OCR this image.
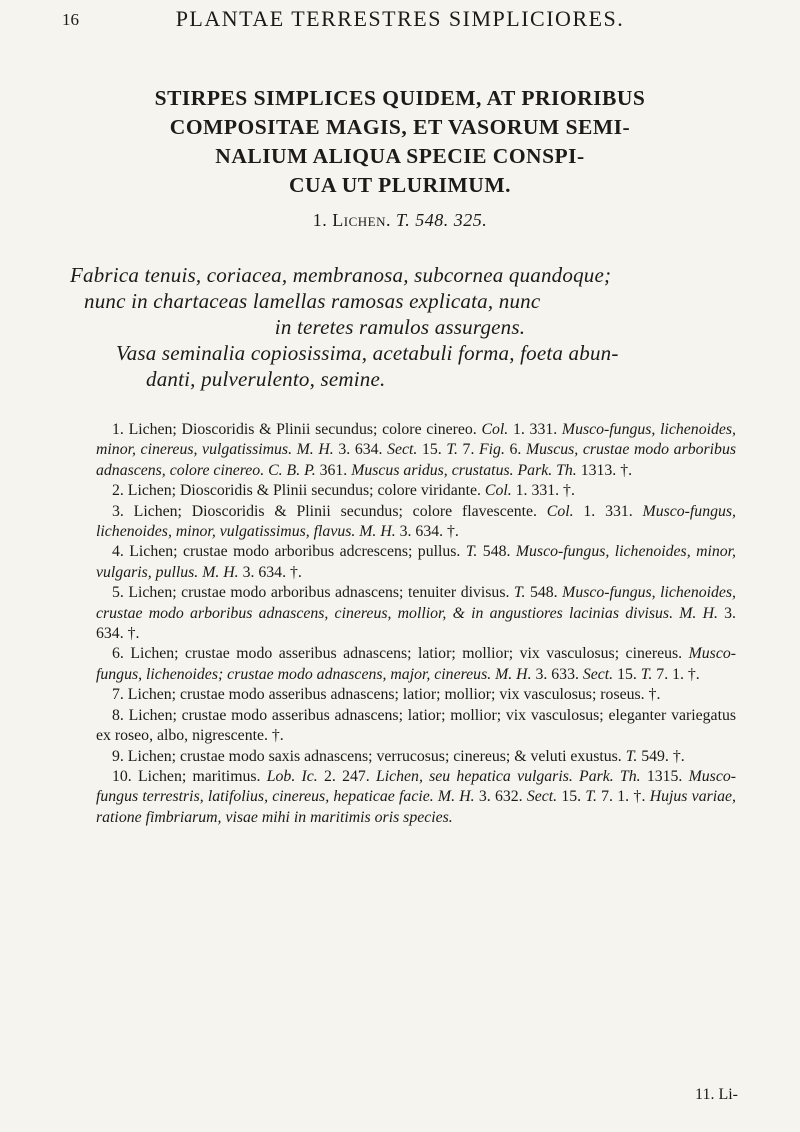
16	PLANTAE TERRESTRES SIMPLICIORES.
STIRPES SIMPLICES QUIDEM, AT PRIORIBUS
COMPOSITAE MAGIS, ET VASORUM SEMI-
NALIUM ALIQUA SPECIE CONSPI-
CUA UT PLURIMUM.
1. Lichen. T. 548. 325.
Fabrica tenuis, coriacea, membranosa, subcornea quandoque;
nunc in chartaceas lamellas ramosas explicata, nunc
in teretes ramulos assurgens.
Vasa seminalia copiosissima, acetabuli forma, foeta abun-
danti, pulverulento, semine.

1. Lichen; Dioscoridis & Plinii secundus; colore cinereo. Col. 1. 331. Musco-fungus, lichenoides, minor, cinereus, vulgatissimus. M. H. 3. 634. Sect. 15. T. 7. Fig. 6. Muscus, crustae modo arboribus adnascens, colore cinereo. C. B. P. 361. Muscus aridus, crustatus. Park. Th. 1313. †.

2. Lichen; Dioscoridis & Plinii secundus; colore viridante. Col. 1. 331. †.

3. Lichen; Dioscoridis & Plinii secundus; colore flavescente. Col. 1. 331. Musco-fungus, lichenoides, minor, vulgatissimus, flavus. M. H. 3. 634. †.

4. Lichen; crustae modo arboribus adcrescens; pullus. T. 548. Musco-fungus, lichenoides, minor, vulgaris, pullus. M. H. 3. 634. †.

5. Lichen; crustae modo arboribus adnascens; tenuiter divisus. T. 548. Musco-fungus, lichenoides, crustae modo arboribus adnascens, cinereus, mollior, & in angustiores lacinias divisus. M. H. 3. 634. †.

6. Lichen; crustae modo asseribus adnascens; latior; mollior; vix vasculosus; cinereus. Musco-fungus, lichenoides; crustae modo adnascens, major, cinereus. M. H. 3. 633. Sect. 15. T. 7. 1. †.

7. Lichen; crustae modo asseribus adnascens; latior; mollior; vix vasculosus; roseus. †.

8. Lichen; crustae modo asseribus adnascens; latior; mollior; vix vasculosus; eleganter variegatus ex roseo, albo, nigrescente. †.

9. Lichen; crustae modo saxis adnascens; verrucosus; cinereus; & veluti exustus. T. 549. †.

10. Lichen; maritimus. Lob. Ic. 2. 247. Lichen, seu hepatica vulgaris. Park. Th. 1315. Musco-fungus terrestris, latifolius, cinereus, hepaticae facie. M. H. 3. 632. Sect. 15. T. 7. 1. †. Hujus variae, ratione fimbriarum, visae mihi in maritimis oris species.

11. Li-
